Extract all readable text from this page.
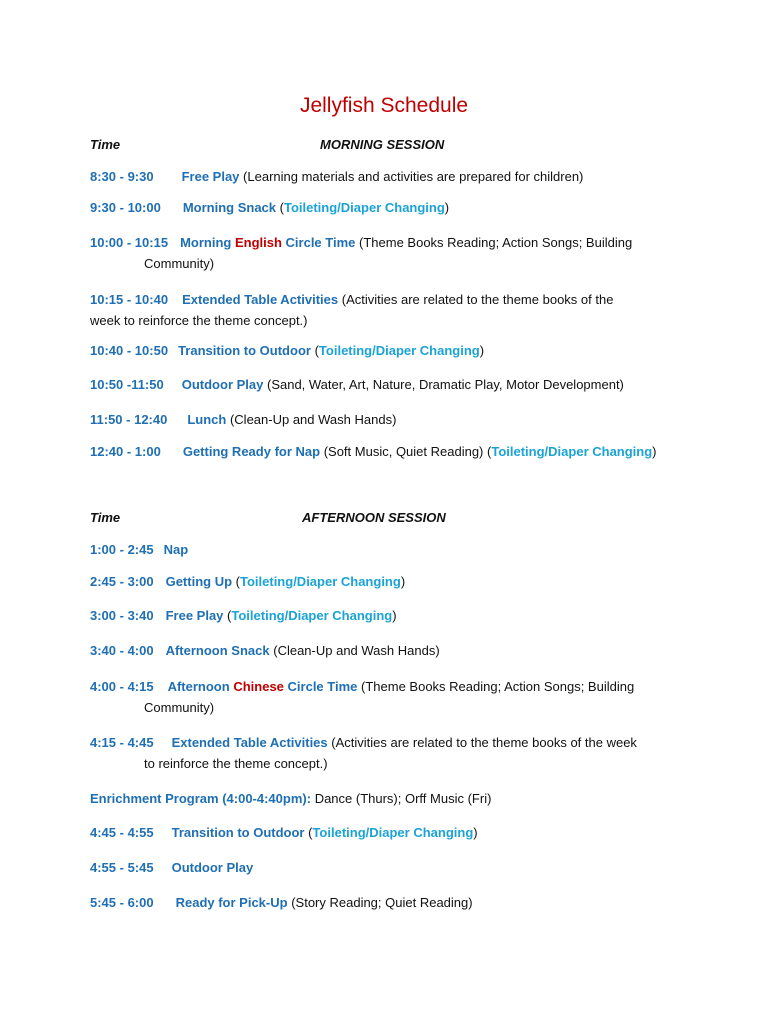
Jellyfish Schedule
Time	MORNING SESSION
8:30 - 9:30 Free Play (Learning materials and activities are prepared for children)
9:30 - 10:00 Morning Snack (Toileting/Diaper Changing)
10:00 - 10:15 Morning English Circle Time (Theme Books Reading; Action Songs; Building
Community)
10:15 - 10:40 Extended Table Activities (Activities are related to the theme books of the
week to reinforce the theme concept.)
10:40 - 10:50 Transition to Outdoor (Toileting/Diaper Changing)
10:50 -11:50 Outdoor Play (Sand, Water, Art, Nature, Dramatic Play, Motor Development)
11:50 - 12:40 Lunch (Clean-Up and Wash Hands)
12:40 - 1:00 Getting Ready for Nap (Soft Music, Quiet Reading) (Toileting/Diaper Changing)
Time	AFTERNOON SESSION
1:00 - 2:45 Nap
2:45 - 3:00 Getting Up (Toileting/Diaper Changing)
3:00 - 3:40 Free Play (Toileting/Diaper Changing)
3:40 - 4:00 Afternoon Snack (Clean-Up and Wash Hands)
4:00 - 4:15 Afternoon Chinese Circle Time (Theme Books Reading; Action Songs; Building
Community)
4:15 - 4:45 Extended Table Activities (Activities are related to the theme books of the week
to reinforce the theme concept.)
Enrichment Program (4:00-4:40pm): Dance (Thurs); Orff Music (Fri)
4:45 - 4:55 Transition to Outdoor (Toileting/Diaper Changing)
4:55 - 5:45 Outdoor Play
5:45 - 6:00 Ready for Pick-Up (Story Reading; Quiet Reading)
